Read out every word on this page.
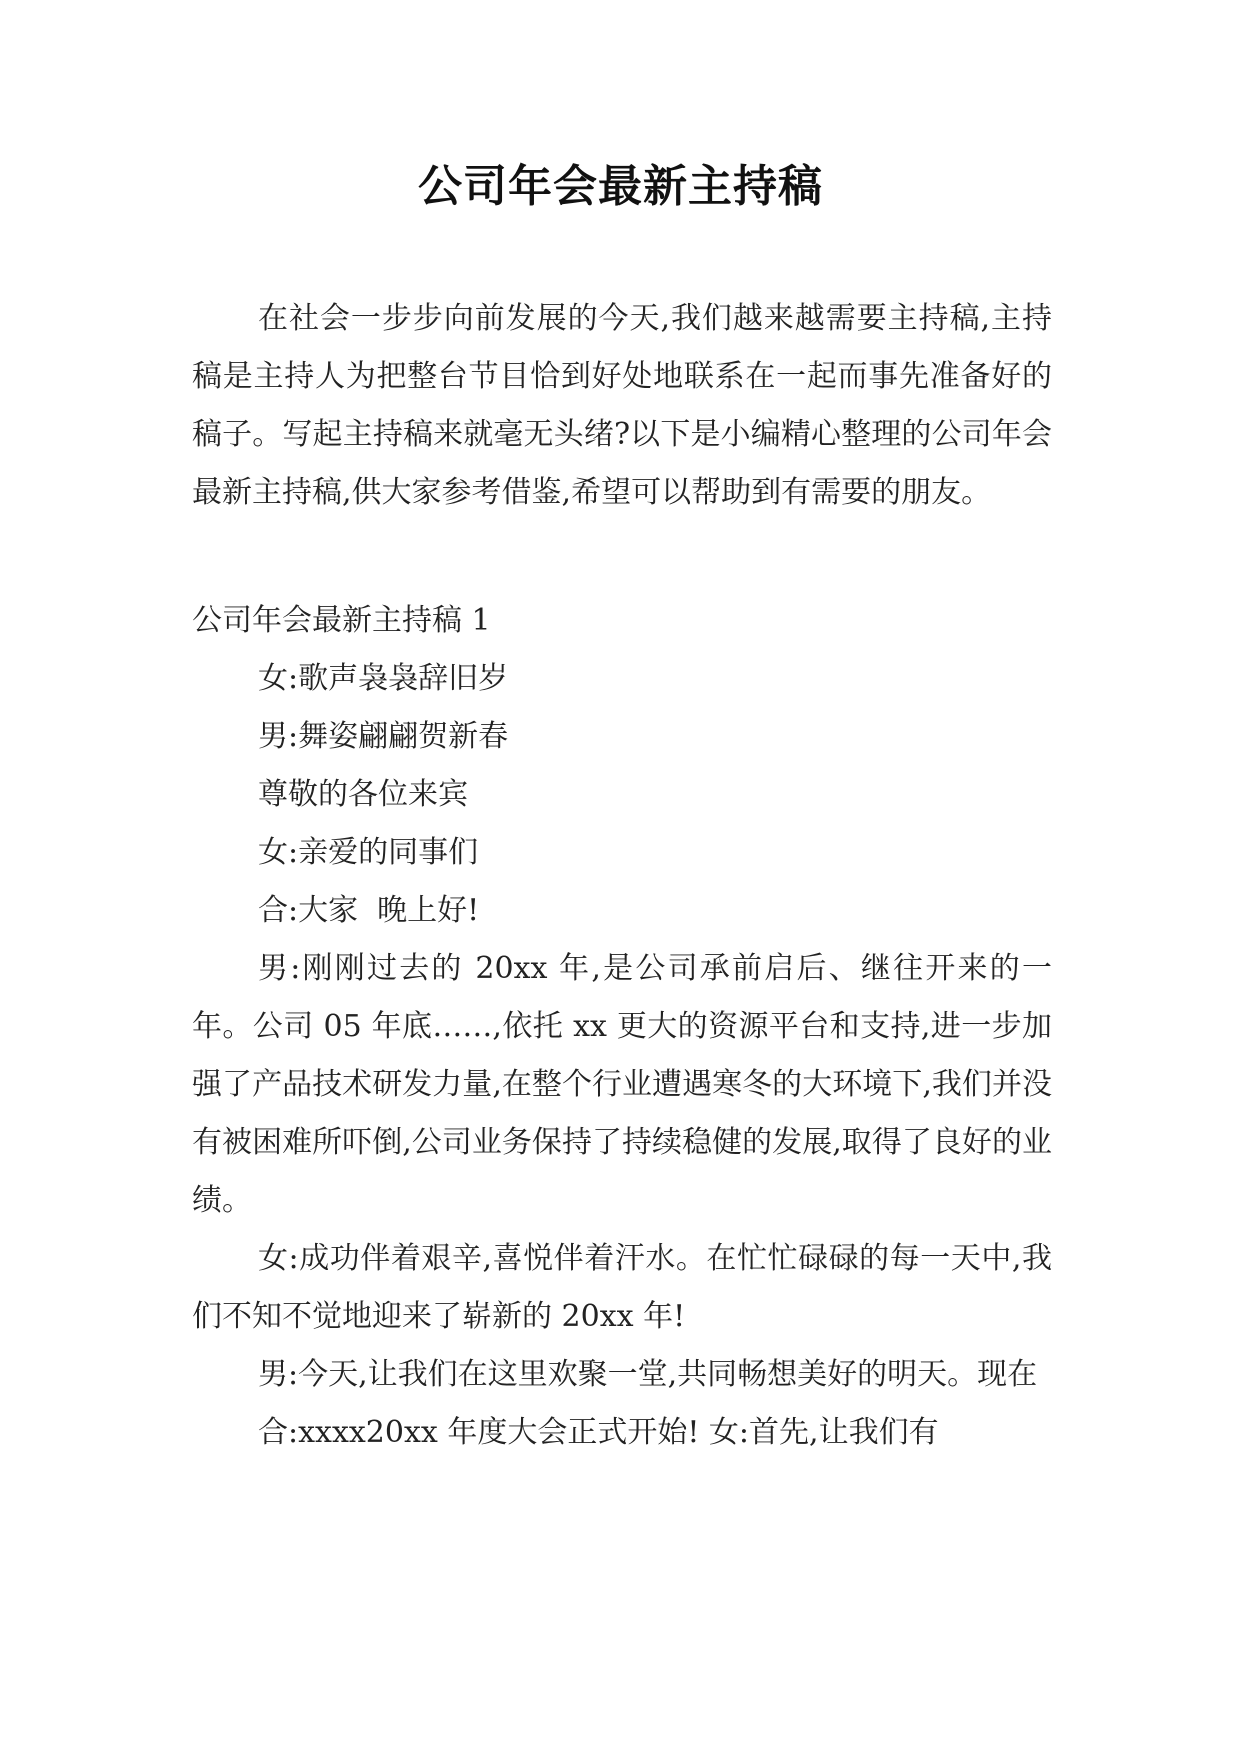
公司年会最新主持稿

在社会一步步向前发展的今天,我们越来越需要主持稿,主持稿是主持人为把整台节目恰到好处地联系在一起而事先准备好的稿子。写起主持稿来就毫无头绪?以下是小编精心整理的公司年会最新主持稿,供大家参考借鉴,希望可以帮助到有需要的朋友。

公司年会最新主持稿 1

女:歌声袅袅辞旧岁

男:舞姿翩翩贺新春

尊敬的各位来宾

女:亲爱的同事们

合:大家  晚上好!

男:刚刚过去的 20xx 年,是公司承前启后、继往开来的一年。公司 05 年底……,依托 xx 更大的资源平台和支持,进一步加强了产品技术研发力量,在整个行业遭遇寒冬的大环境下,我们并没有被困难所吓倒,公司业务保持了持续稳健的发展,取得了良好的业绩。

女:成功伴着艰辛,喜悦伴着汗水。在忙忙碌碌的每一天中,我们不知不觉地迎来了崭新的 20xx 年!

男:今天,让我们在这里欢聚一堂,共同畅想美好的明天。现在

合:xxxx20xx 年度大会正式开始! 女:首先,让我们有
